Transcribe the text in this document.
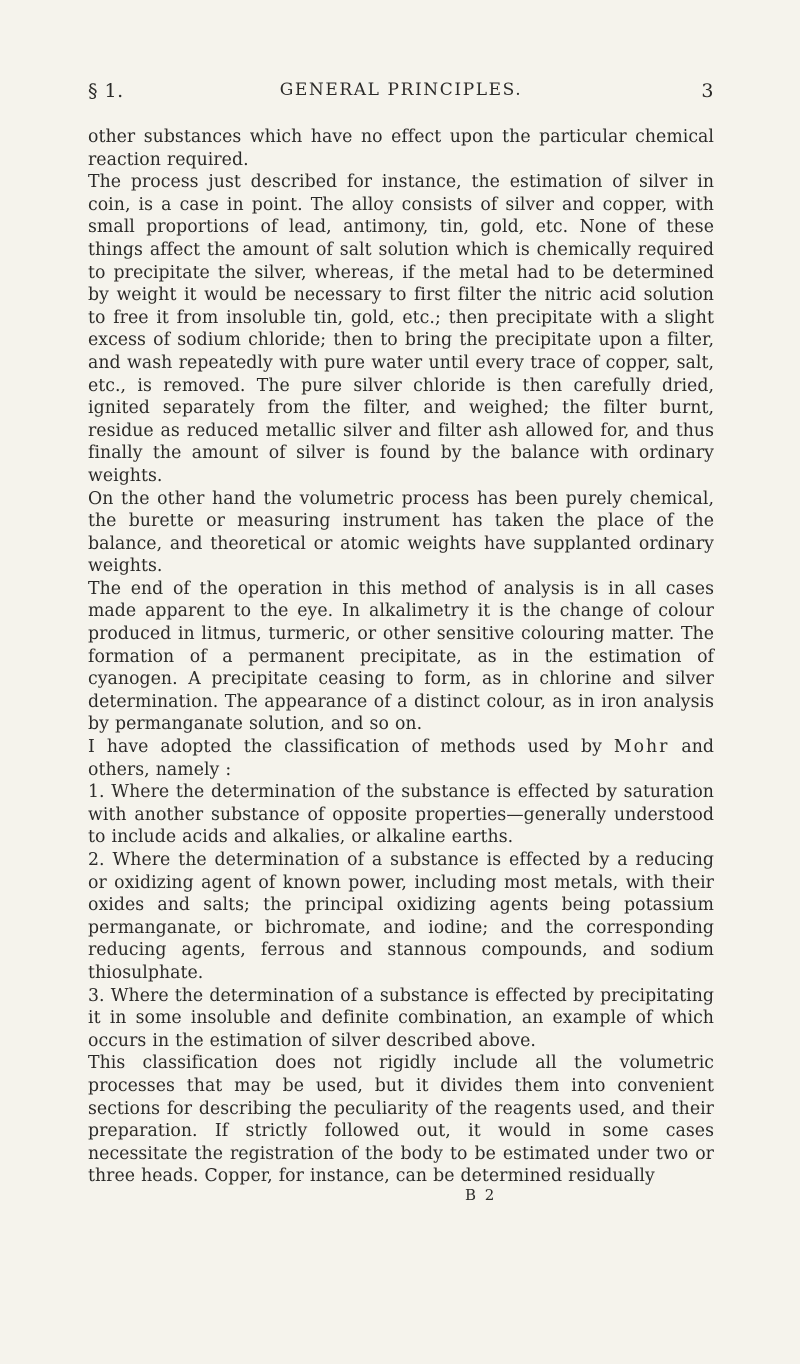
§ 1.	GENERAL PRINCIPLES.	3

other substances which have no effect upon the particular chemical reaction required.

The process just described for instance, the estimation of silver in coin, is a case in point. The alloy consists of silver and copper, with small proportions of lead, antimony, tin, gold, etc. None of these things affect the amount of salt solution which is chemically required to precipitate the silver, whereas, if the metal had to be determined by weight it would be necessary to first filter the nitric acid solution to free it from insoluble tin, gold, etc.; then precipitate with a slight excess of sodium chloride; then to bring the precipitate upon a filter, and wash repeatedly with pure water until every trace of copper, salt, etc., is removed. The pure silver chloride is then carefully dried, ignited separately from the filter, and weighed; the filter burnt, residue as reduced metallic silver and filter ash allowed for, and thus finally the amount of silver is found by the balance with ordinary weights.

On the other hand the volumetric process has been purely chemical, the burette or measuring instrument has taken the place of the balance, and theoretical or atomic weights have supplanted ordinary weights.

The end of the operation in this method of analysis is in all cases made apparent to the eye. In alkalimetry it is the change of colour produced in litmus, turmeric, or other sensitive colouring matter. The formation of a permanent precipitate, as in the estimation of cyanogen. A precipitate ceasing to form, as in chlorine and silver determination. The appearance of a distinct colour, as in iron analysis by permanganate solution, and so on.

I have adopted the classification of methods used by Mohr and others, namely :

1. Where the determination of the substance is effected by saturation with another substance of opposite properties—generally understood to include acids and alkalies, or alkaline earths.

2. Where the determination of a substance is effected by a reducing or oxidizing agent of known power, including most metals, with their oxides and salts; the principal oxidizing agents being potassium permanganate, or bichromate, and iodine; and the corresponding reducing agents, ferrous and stannous compounds, and sodium thiosulphate.

3. Where the determination of a substance is effected by precipitating it in some insoluble and definite combination, an example of which occurs in the estimation of silver described above.

This classification does not rigidly include all the volumetric processes that may be used, but it divides them into convenient sections for describing the peculiarity of the reagents used, and their preparation. If strictly followed out, it would in some cases necessitate the registration of the body to be estimated under two or three heads. Copper, for instance, can be determined residually

B 2
